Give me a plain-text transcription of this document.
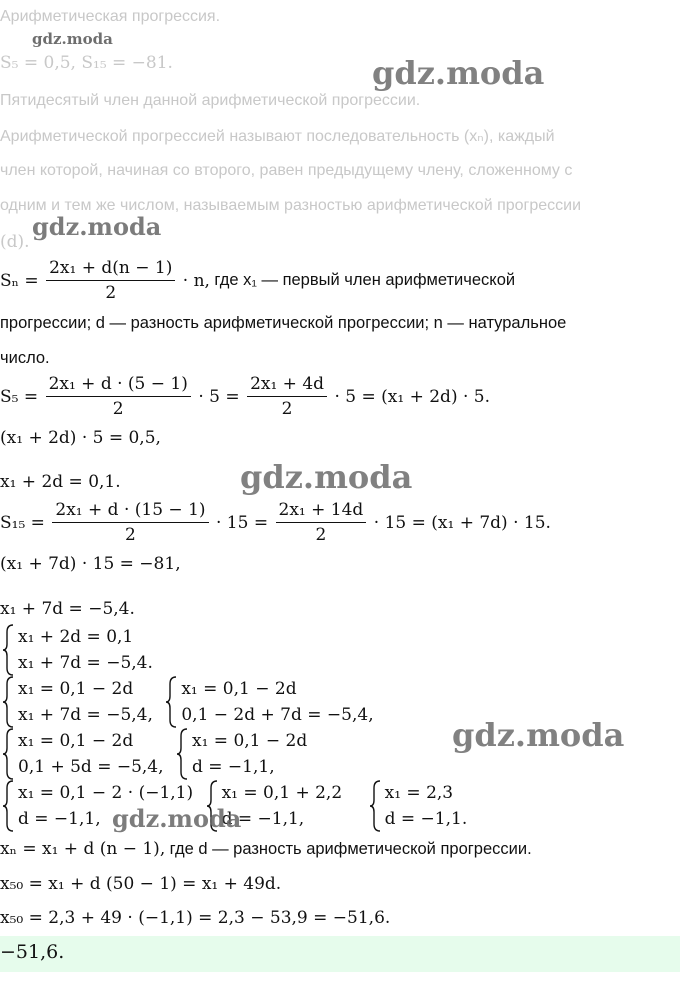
Арифметическая прогрессия.
S₅ = 0,5, S₁₅ = −81.
Пятидесятый член данной арифметической прогрессии.
Арифметической прогрессией называют последовательность (xₙ), каждый
член которой, начиная со второго, равен предыдущему члену, сложенному с
одним и тем же числом, называемым разностью арифметической прогрессии
(d).
$S_n = \frac{\text{2x₁ + d(n − 1)}}{2} \cdot n$, где x₁ — первый член арифметической
прогрессии; d — разность арифметической прогрессии; n — натуральное
число.
$S_5 = \frac{\text{2x₁ + d · (5 − 1)}}{2} \cdot 5 = \frac{\text{2x₁ + 4d}}{2} \cdot 5 = (x_1 + 2d) \cdot 5$.
(x₁ + 2d) · 5 = 0,5,
x₁ + 2d = 0,1.
$S_{15} = \frac{\text{2x₁ + d · (15 − 1)}}{2} \cdot 15 = \frac{\text{2x₁ + 14d}}{2} \cdot 15 = (x_1 + 7d) \cdot 15$.
(x₁ + 7d) · 15 = −81,
x₁ + 7d = −5,4.
x₁ + 2d = 0,1
x₁ + 7d = −5,4.
x₁ = 0,1 − 2d
x₁ + 7d = −5,4,

x₁ = 0,1 − 2d
0,1 − 2d + 7d = −5,4,
x₁ = 0,1 − 2d
0,1 + 5d = −5,4,

x₁ = 0,1 − 2d
d = −1,1,
x₁ = 0,1 − 2 · (−1,1)
d = −1,1,

x₁ = 0,1 + 2,2
d = −1,1,

x₁ = 2,3
d = −1,1.
xₙ = x₁ + d (n − 1), где d — разность арифметической прогрессии.
x₅₀ = x₁ + d (50 − 1) = x₁ + 49d.
x₅₀ = 2,3 + 49 · (−1,1) = 2,3 − 53,9 = −51,6.
−51,6.
gdz.moda
gdz.moda
gdz.moda
gdz.moda
gdz.moda
gdz.moda
